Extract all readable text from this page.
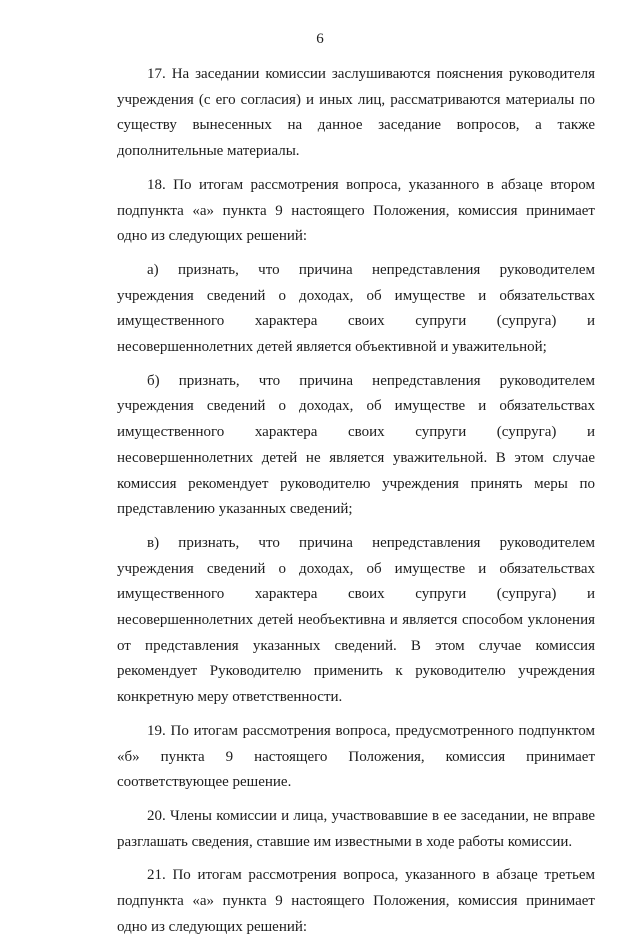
6

17. На заседании комиссии заслушиваются пояснения руководителя учреждения (с его согласия) и иных лиц, рассматриваются материалы по существу вынесенных на данное заседание вопросов, а также дополнительные материалы.

18. По итогам рассмотрения вопроса, указанного в абзаце втором подпункта «а» пункта 9 настоящего Положения, комиссия принимает одно из следующих решений:

а) признать, что причина непредставления руководителем учреждения сведений о доходах, об имуществе и обязательствах имущественного характера своих супруги (супруга) и несовершеннолетних детей является объективной и уважительной;

б) признать, что причина непредставления руководителем учреждения сведений о доходах, об имуществе и обязательствах имущественного характера своих супруги (супруга) и несовершеннолетних детей не является уважительной. В этом случае комиссия рекомендует руководителю учреждения принять меры по представлению указанных сведений;

в) признать, что причина непредставления руководителем учреждения сведений о доходах, об имуществе и обязательствах имущественного характера своих супруги (супруга) и несовершеннолетних детей необъективна и является способом уклонения от представления указанных сведений. В этом случае комиссия рекомендует Руководителю применить к руководителю учреждения конкретную меру ответственности.

19. По итогам рассмотрения вопроса, предусмотренного подпунктом «б» пункта 9 настоящего Положения, комиссия принимает соответствующее решение.

20. Члены комиссии и лица, участвовавшие в ее заседании, не вправе разглашать сведения, ставшие им известными в ходе работы комиссии.

21. По итогам рассмотрения вопроса, указанного в абзаце третьем подпункта «а» пункта 9 настоящего Положения, комиссия принимает одно из следующих решений:
